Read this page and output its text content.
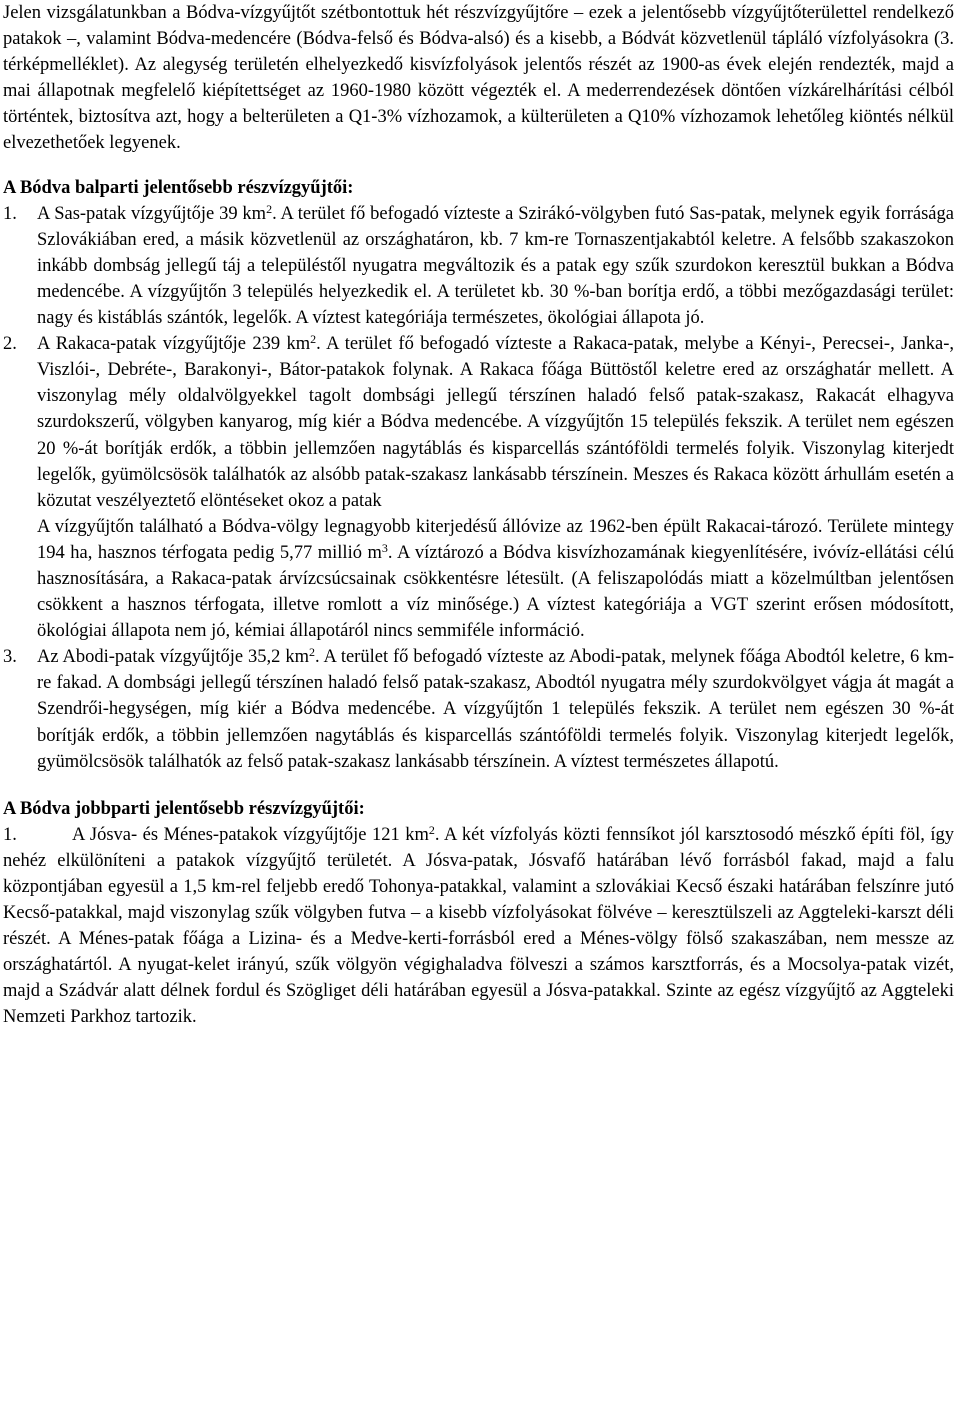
Jelen vizsgálatunkban a Bódva-vízgyűjtőt szétbontottuk hét részvízgyűjtőre – ezek a jelentősebb vízgyűjtőterülettel rendelkező patakok –, valamint Bódva-medencére (Bódva-felső és Bódva-alsó) és a kisebb, a Bódvát közvetlenül tápláló vízfolyásokra (3. térképmelléklet). Az alegység területén elhelyezkedő kisvízfolyások jelentős részét az 1900-as évek elején rendezték, majd a mai állapotnak megfelelő kiépítettséget az 1960-1980 között végezték el. A mederrendezések döntően vízkárelhárítási célból történtek, biztosítva azt, hogy a belterületen a Q1-3% vízhozamok, a külterületen a Q10% vízhozamok lehetőleg kiöntés nélkül elvezethetőek legyenek.

A Bódva balparti jelentősebb részvízgyűjtői:

1.	A Sas-patak vízgyűjtője 39 $km^2$. A terület fő befogadó víztestе a Szirákó-völgyben futó Sas-patak, melynek egyik forrásága Szlovákiában ered, a másik közvetlenül az országhatáron, kb. 7 km-re Tornaszentjakabtól keletre. A felsőbb szakaszokon inkább dombság jellegű táj a településtől nyugatra megváltozik és a patak egy szűk szurdokon keresztül bukkan a Bódva medencébe. A vízgyűjtőn 3 település helyezkedik el. A területet kb. 30 %-ban borítja erdő, a többi mezőgazdasági terület: nagy és kistáblás szántók, legelők. A víztest kategóriája természetes, ökológiai állapota jó.
2.	A Rakaca-patak vízgyűjtője 239 $km^2$. A terület fő befogadó víztestе a Rakaca-patak, melybe a Kényi-, Perecsei-, Janka-, Viszlói-, Debréte-, Barakonyi-, Bátor-patakok folynak. A Rakaca főága Büttöstől keletre ered az országhatár mellett. A viszonylag mély oldalvölgyekkel tagolt dombsági jellegű térszínen haladó felső patak-szakasz, Rakacát elhagyva szurdokszerű, völgyben kanyarog, míg kiér a Bódva medencébe. A vízgyűjtőn 15 település fekszik. A terület nem egészen 20 %-át borítják erdők, a többin jellemzően nagytáblás és kisparcellás szántóföldi termelés folyik. Viszonylag kiterjedt legelők, gyümölcsösök találhatók az alsóbb patak-szakasz lankásabb térszínein. Meszes és Rakaca között árhullám esetén a közutat veszélyeztető elöntéseket okoz a patak

A vízgyűjtőn található a Bódva-völgy legnagyobb kiterjedésű állóvize az 1962-ben épült Rakacai-tározó. Területe mintegy 194 ha, hasznos térfogata pedig 5,77 millió $m^3$. A víztározó a Bódva kisvízhozamának kiegyenlítésére, ivóvíz-ellátási célú hasznosítására, a Rakaca-patak árvízcsúcsainak csökkentésre létesült. (A feliszapolódás miatt a közelmúltban jelentősen csökkent a hasznos térfogata, illetve romlott a víz minősége.) A víztest kategóriája a VGT szerint erősen módosított, ökológiai állapota nem jó, kémiai állapotáról nincs semmiféle információ.

3.	Az Abodi-patak vízgyűjtője 35,2 $km^2$. A terület fő befogadó víztestе az Abodi-patak, melynek főága Abodtól keletre, 6 km-re fakad. A dombsági jellegű térszínen haladó felső patak-szakasz, Abodtól nyugatra mély szurdokvölgyet vágja át magát a Szendrői-hegységen, míg kiér a Bódva medencébe. A vízgyűjtőn 1 település fekszik. A terület nem egészen 30 %-át borítják erdők, a többin jellemzően nagytáblás és kisparcellás szántóföldi termelés folyik. Viszonylag kiterjedt legelők, gyümölcsösök találhatók az felső patak-szakasz lankásabb térszínein. A víztest természetes állapotú.

A Bódva jobbparti jelentősebb részvízgyűjtői:

1.	A Jósva- és Ménes-patakok vízgyűjtője 121 $km^2$. A két vízfolyás közti fennsíkot jól karsztosodó mészkő építi föl, így nehéz elkülöníteni a patakok vízgyűjtő területét. A Jósva-patak, Jósvafő határában lévő forrásból fakad, majd a falu központjában egyesül a 1,5 km-rel feljebb eredő Tohonya-patakkal, valamint a szlovákiai Kecső északi határában felszínre jutó Kecső-patakkal, majd viszonylag szűk völgyben futva – a kisebb vízfolyásokat fölvéve – keresztülszeli az Aggteleki-karszt déli részét. A Ménes-patak főága a Lizina- és a Medve-kerti-forrásból ered a Ménes-völgy fölső szakaszában, nem messze az országhatártól. A nyugat-kelet irányú, szűk völgyön végighaladva fölveszi a számos karsztforrás, és a Mocsolya-patak vizét, majd a Szádvár alatt délnek fordul és Szögliget déli határában egyesül a Jósva-patakkal. Szinte az egész vízgyűjtő az Aggteleki Nemzeti Parkhoz tartozik.
